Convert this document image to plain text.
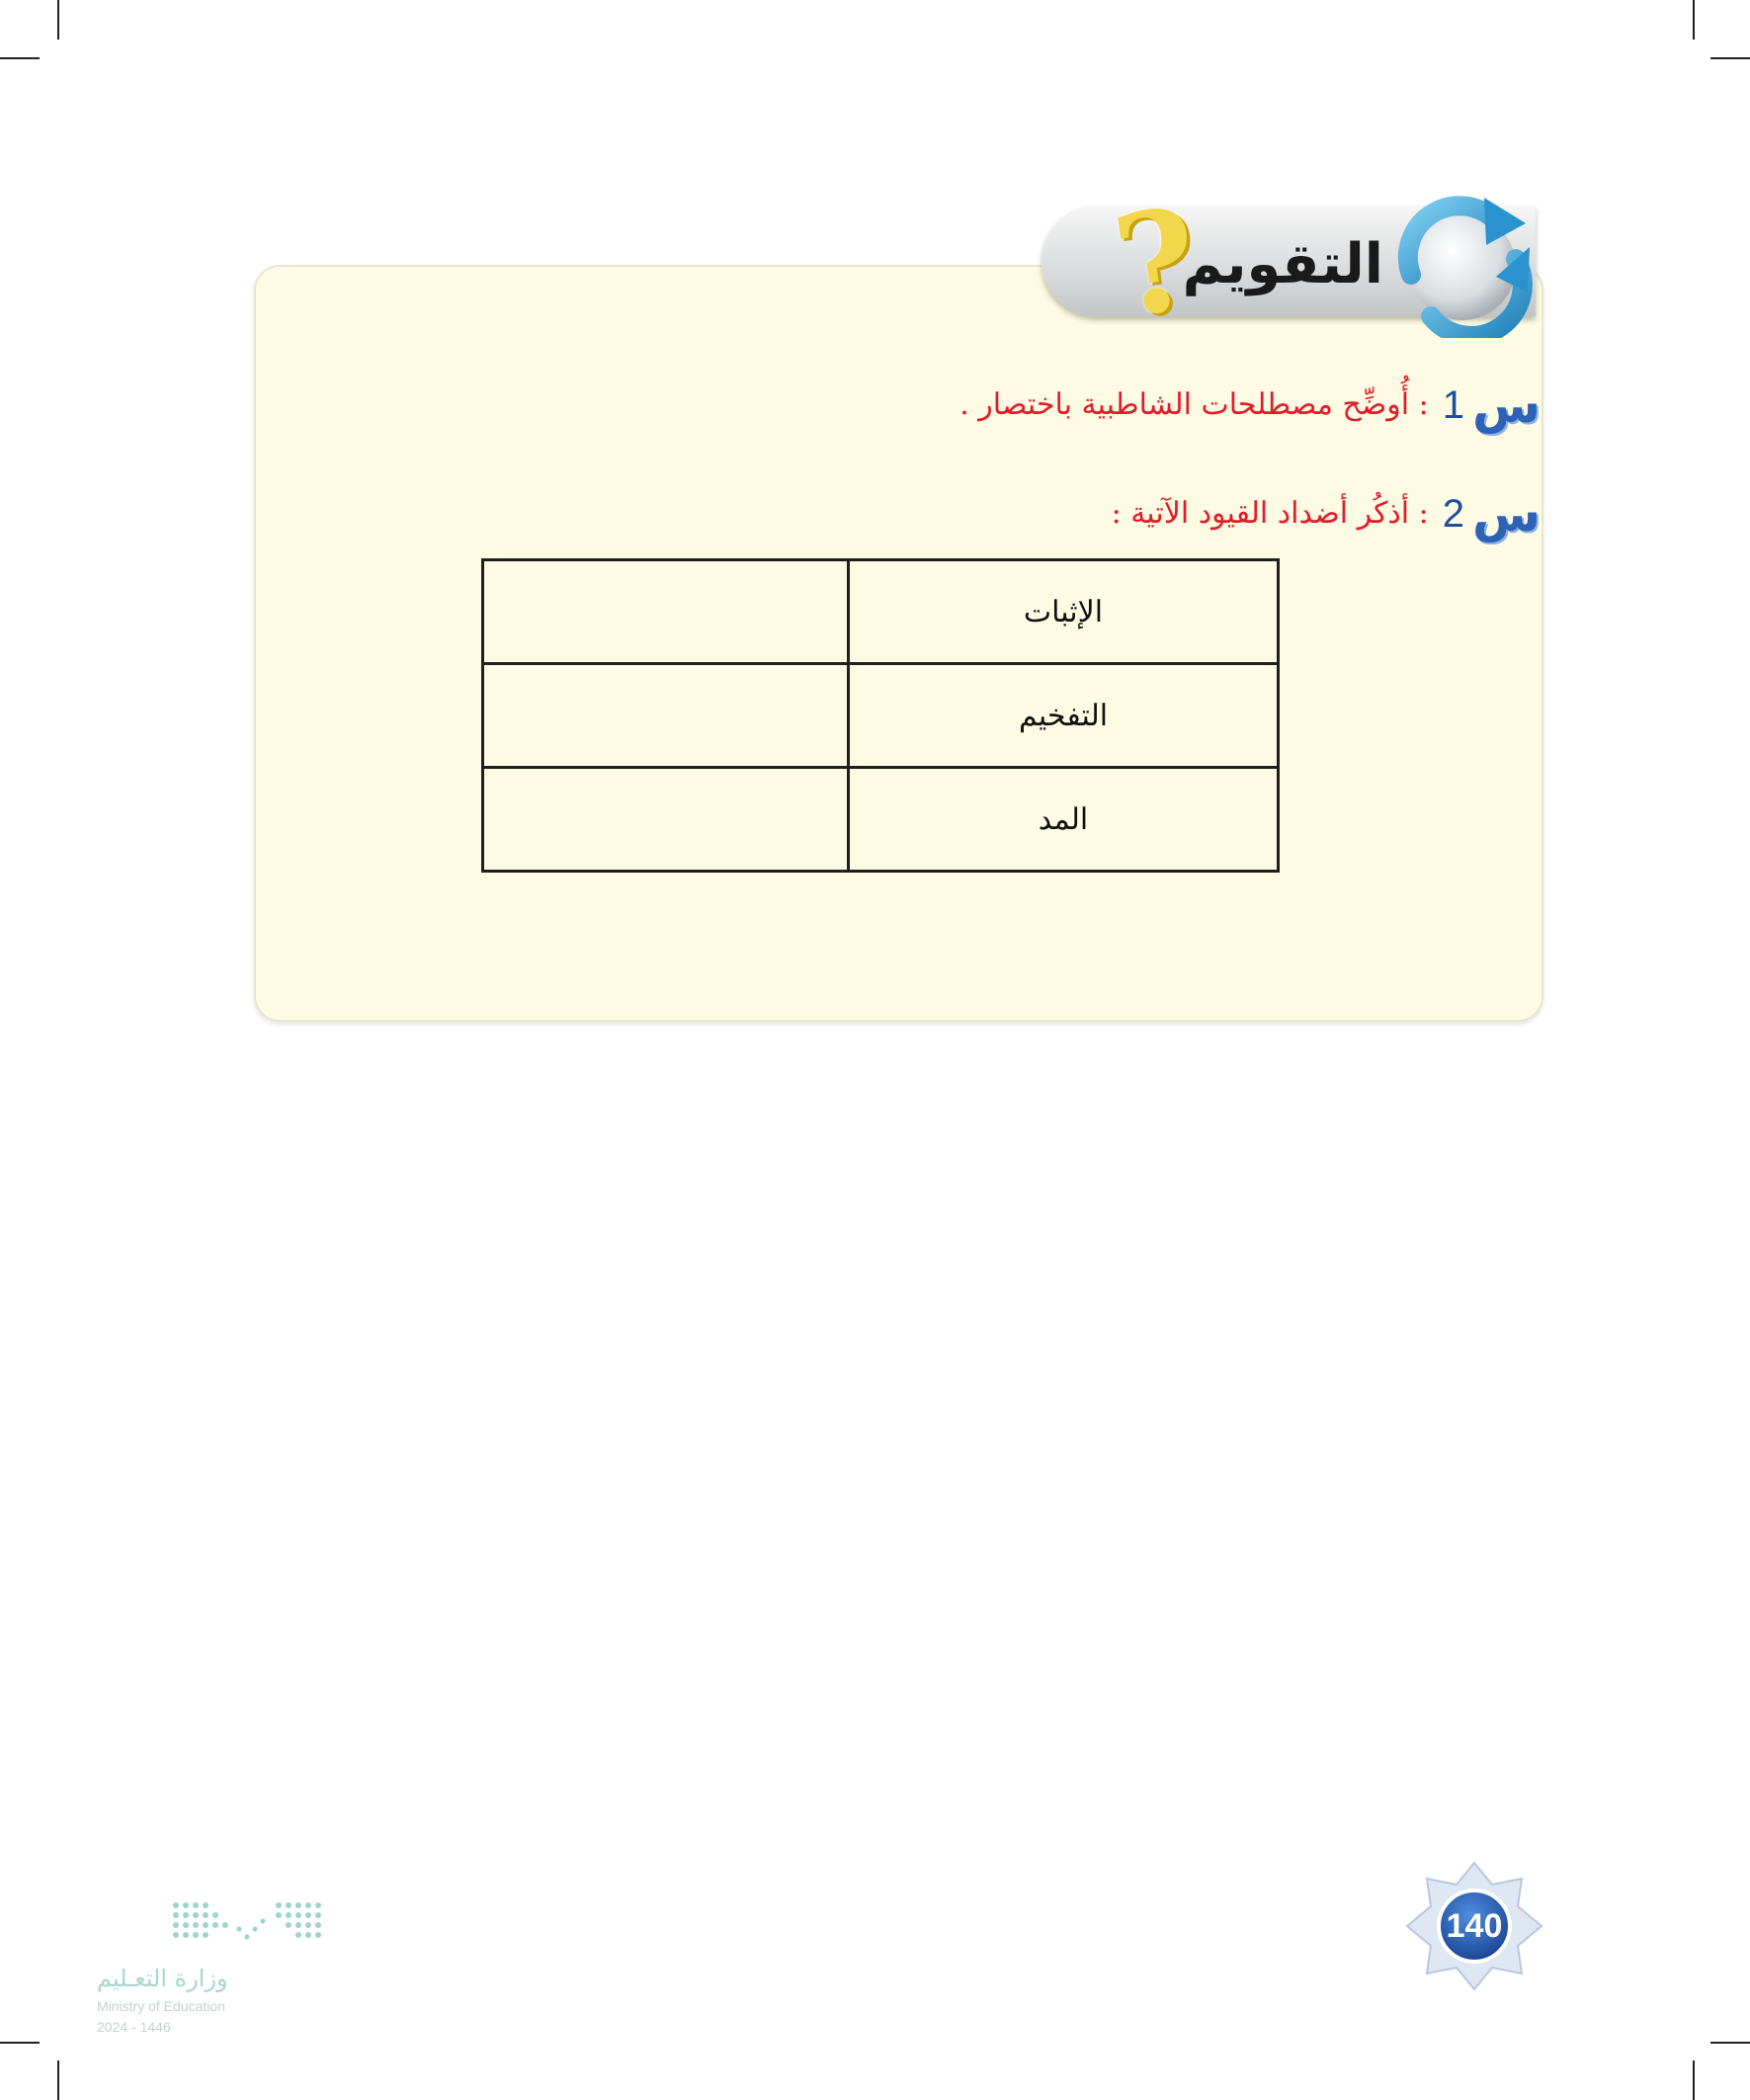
التقويم
?
س
1
: أُوضِّح مصطلحات الشاطبية باختصار .
س
2
: أذكُر أضداد القيود الآتية :
الإثبات	
التفخيم	
المد	
140
وزارة التعـليم
Ministry of Education
2024 - 1446
